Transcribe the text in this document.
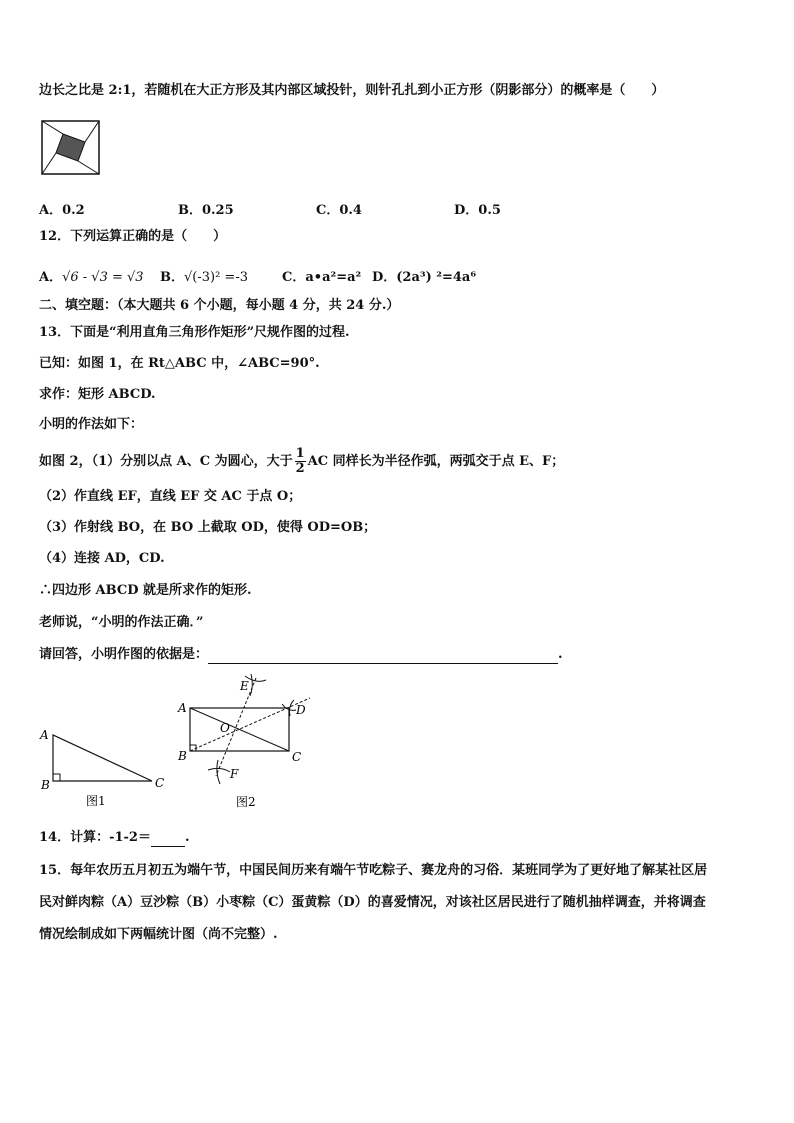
边长之比是 2:1，若随机在大正方形及其内部区域投针，则针孔扎到小正方形（阴影部分）的概率是（　　）
A．0.2	B．0.25	C．0.4	D．0.5
12．下列运算正确的是（　　）
A．√6 - √3 = √3 B．√(-3)² =-3	C．a•a²=a² D．(2a³) ²=4a⁶
二、填空题：（本大题共 6 个小题，每小题 4 分，共 24 分.）
13．下面是“利用直角三角形作矩形”尺规作图的过程.
已知：如图 1，在 Rt△ABC 中，∠ABC=90°.
求作：矩形 ABCD.
小明的作法如下：
如图 2，（1）分别以点 A、C 为圆心，大于 $\frac{1}{2}$ AC 同样长为半径作弧，两弧交于点 E、F；
（2）作直线 EF，直线 EF 交 AC 于点 O；
（3）作射线 BO，在 BO 上截取 OD，使得 OD=OB；
（4）连接 AD，CD.
∴四边形 ABCD 就是所求作的矩形.
老师说，“小明的作法正确．”
请回答，小明作图的依据是：	.
A
B	C
图1
A
B	C
D
E
F
O
图2
14．计算：-1-2＝	.
15．每年农历五月初五为端午节，中国民间历来有端午节吃粽子、赛龙舟的习俗．某班同学为了更好地了解某社区居
民对鲜肉粽（A）豆沙粽（B）小枣粽（C）蛋黄粽（D）的喜爱情况，对该社区居民进行了随机抽样调查，并将调查
情况绘制成如下两幅统计图（尚不完整）.
